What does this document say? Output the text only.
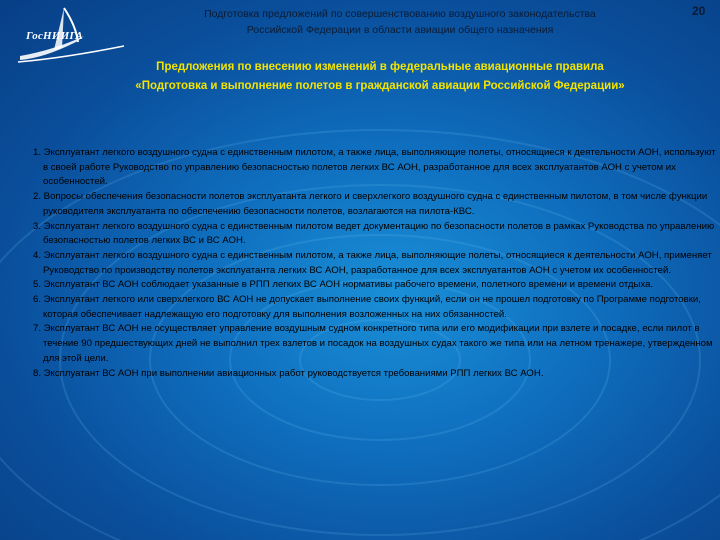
ГосНИИГА
Подготовка предложений по совершенствованию воздушного законодательства
Российской Федерации в области авиации общего назначения
20
Предложения по внесению изменений в федеральные авиационные правила
«Подготовка и выполнение полетов в гражданской авиации Российской Федерации»

1. Эксплуатант легкого воздушного судна с единственным пилотом, а также лица, выполняющие полеты, относящиеся к деятельности АОН, используют в своей работе Руководство по управлению безопасностью полетов легких ВС АОН, разработанное для всех эксплуатантов АОН с учетом их особенностей.

2. Вопросы обеспечения безопасности полетов эксплуатанта легкого и сверхлегкого воздушного судна с единственным пилотом, в том числе функции руководителя эксплуатанта по обеспечению безопасности полетов, возлагаются на пилота-КВС.

3. Эксплуатант легкого воздушного судна с единственным пилотом ведет документацию по безопасности полетов в рамках Руководства по управлению безопасностью полетов легких ВС и ВС АОН.

4. Эксплуатант легкого воздушного судна с единственным пилотом, а также лица, выполняющие полеты, относящиеся к деятельности АОН, применяет Руководство по производству полетов эксплуатанта легких ВС АОН, разработанное для всех эксплуатантов АОН с учетом их особенностей.

5. Эксплуатант ВС АОН соблюдает указанные в РПП легких ВС АОН нормативы рабочего времени, полетного времени и времени отдыха.

6. Эксплуатант легкого или сверхлегкого ВС АОН не допускает выполнение своих функций, если он не прошел подготовку по Программе подготовки, которая обеспечивает надлежащую его подготовку для выполнения возложенных на них обязанностей.

7. Эксплуатант ВС АОН не осуществляет управление воздушным судном конкретного типа или его модификации при взлете и посадке, если пилот в течение 90 предшествующих дней не выполнил трех взлетов и посадок на воздушных судах такого же типа или на летном тренажере, утвержденном для этой цели.

8. Эксплуатант ВС АОН при выполнении авиационных работ руководствуется требованиями РПП легких ВС АОН.
